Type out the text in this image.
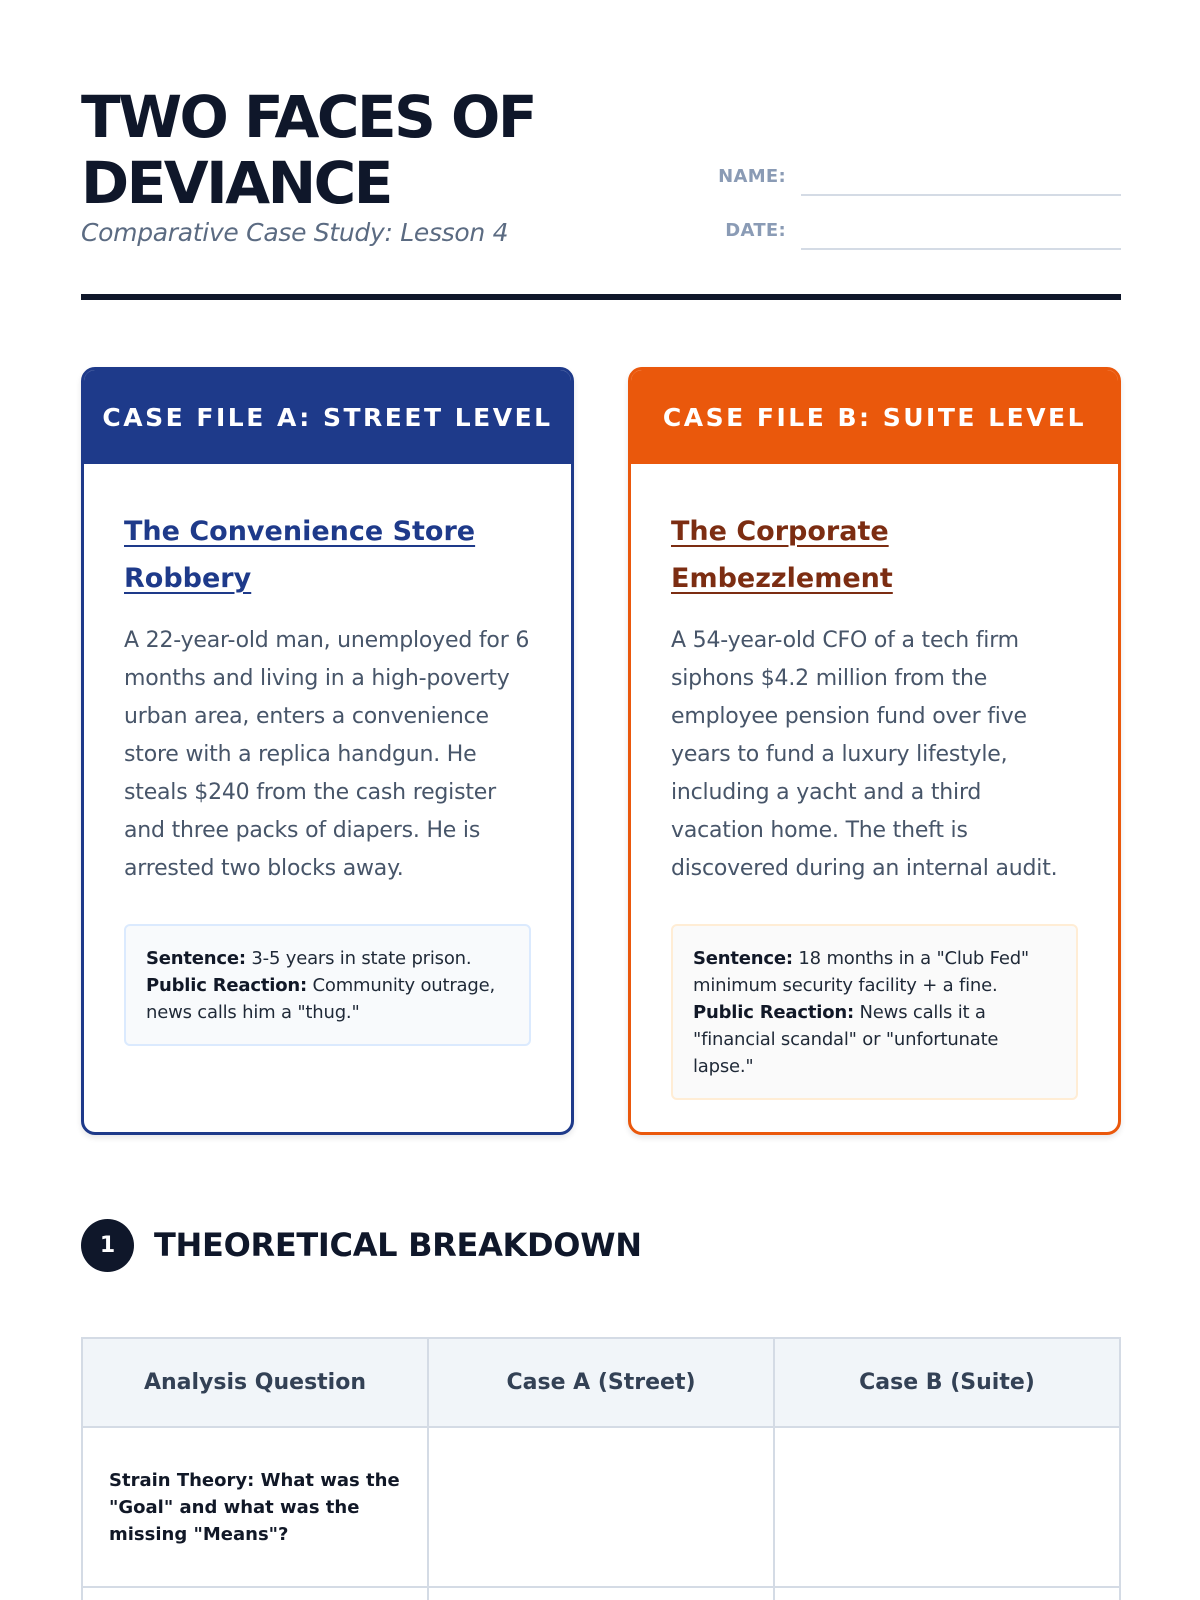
TWO FACES OF
DEVIANCE
Comparative Case Study: Lesson 4
NAME:
DATE:
CASE FILE A: STREET LEVEL
The Convenience Store Robbery

A 22-year-old man, unemployed for 6 months and living in a high-poverty urban area, enters a convenience store with a replica handgun. He steals $240 from the cash register and three packs of diapers. He is arrested two blocks away.

Sentence: 3-5 years in state prison.
Public Reaction: Community outrage, news calls him a "thug."
CASE FILE B: SUITE LEVEL
The Corporate Embezzlement

A 54-year-old CFO of a tech firm siphons $4.2 million from the employee pension fund over five years to fund a luxury lifestyle, including a yacht and a third vacation home. The theft is discovered during an internal audit.

Sentence: 18 months in a "Club Fed" minimum security facility + a fine.
Public Reaction: News calls it a "financial scandal" or "unfortunate lapse."
1	THEORETICAL BREAKDOWN
Analysis Question	Case A (Street)	Case B (Suite)
Strain Theory: What was the "Goal" and what was the missing "Means"?		
